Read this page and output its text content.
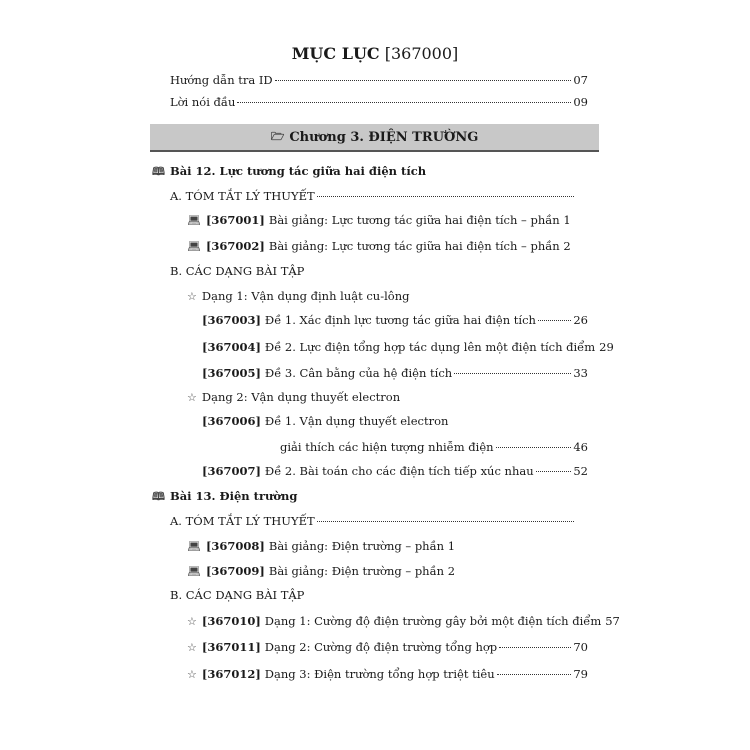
MỤC LỤC [367000]
Hướng dẫn tra ID	07
Lời nói đầu	09
🗁 Chương 3. ĐIỆN TRƯỜNG
🕮 Bài 12. Lực tương tác giữa hai điện tích
A. TÓM TẮT LÝ THUYẾT
💻︎ [367001] Bài giảng: Lực tương tác giữa hai điện tích – phần 1
💻︎ [367002] Bài giảng: Lực tương tác giữa hai điện tích – phần 2
B. CÁC DẠNG BÀI TẬP
☆ Dạng 1: Vận dụng định luật cu-lông
[367003] Đề 1. Xác định lực tương tác giữa hai điện tích	26
[367004] Đề 2. Lực điện tổng hợp tác dụng lên một điện tích điểm 29
[367005] Đề 3. Cân bằng của hệ điện tích	33
☆ Dạng 2: Vận dụng thuyết electron
[367006] Đề 1. Vận dụng thuyết electron
giải thích các hiện tượng nhiễm điện	46
[367007] Đề 2. Bài toán cho các điện tích tiếp xúc nhau	52
🕮 Bài 13. Điện trường
A. TÓM TẮT LÝ THUYẾT
💻︎ [367008] Bài giảng: Điện trường – phần 1
💻︎ [367009] Bài giảng: Điện trường – phần 2
B. CÁC DẠNG BÀI TẬP
☆ [367010] Dạng 1: Cường độ điện trường gây bởi một điện tích điểm 57
☆ [367011] Dạng 2: Cường độ điện trường tổng hợp	70
☆ [367012] Dạng 3: Điện trường tổng hợp triệt tiêu	79
